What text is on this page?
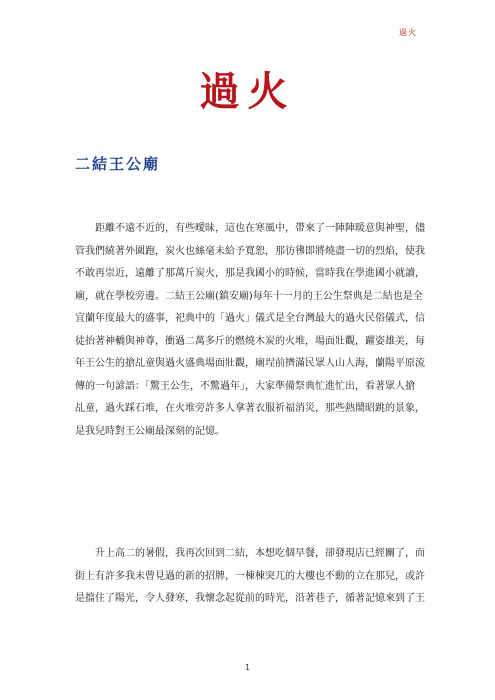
過火
過火
二結王公廟
　　距離不遠不近的，有些曖昧，這也在寒風中，帶來了一陣陣暖意與神聖，儘
管我們繞著外圍跑，炭火也絲毫未給予寬恕，那彷彿即將燒盡一切的烈焰，使我
不敢再崇近，遠離了那萬斤炭火，那是我國小的時候，當時我在學進國小就讀，
廟，就在學校旁邊。二結王公廟(鎮安廟)每年十一月的王公生祭典是二結也是全
宜蘭年度最大的盛事，祀典中的「過火」儀式是全台灣最大的過火民俗儀式，信
徒抬著神轎與神尊，衝過二萬多斤的燃燒木炭的火堆，場面壯觀，躍姿雄美，每
年王公生的搶乩童與過火盛典場面壯觀，廟埕前擠滿民眾人山人海，蘭陽平原流
傳的一句諺語：「驚王公生，不驚過年」，大家準備祭典忙進忙出，看著眾人搶
乩童，過火踩石堆，在火堆旁許多人拿著衣服祈福消災，那些熱鬧昭跳的景象，
是我兒時對王公廟最深刻的記憶。
　　升上高二的暑假，我再次回到二結，本想吃個早餐，卻發現店已經關了，而
街上有許多我未曾見過的新的招牌，一棟棟突兀的大樓也不動的立在那兒，或許
是擋住了陽光，令人發寒，我懷念起從前的時光，沿著巷子，循著記憶來到了王
1
